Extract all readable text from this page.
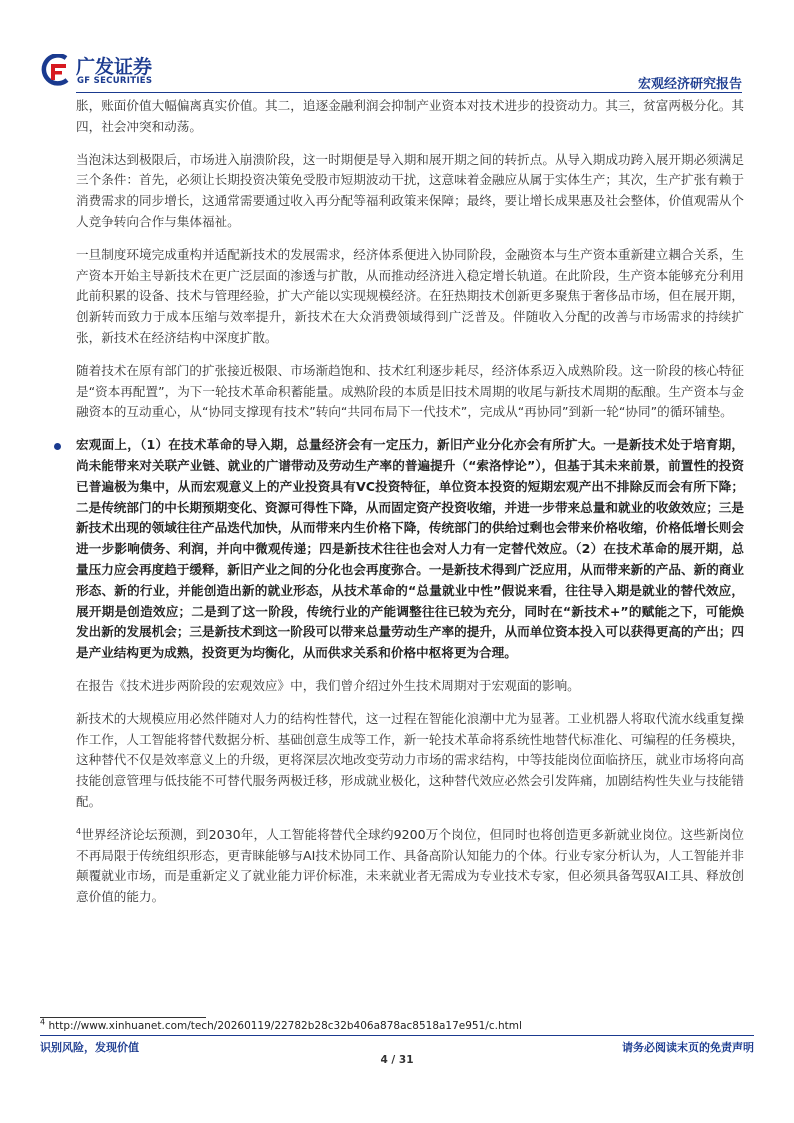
广发证券
GF SECURITIES	宏观经济研究报告

胀，账面价值大幅偏离真实价值。其二，追逐金融利润会抑制产业资本对技术进步的投资动力。其三，贫富两极分化。其四，社会冲突和动荡。

当泡沫达到极限后，市场进入崩溃阶段，这一时期便是导入期和展开期之间的转折点。从导入期成功跨入展开期必须满足三个条件：首先，必须让长期投资决策免受股市短期波动干扰，这意味着金融应从属于实体生产；其次，生产扩张有赖于消费需求的同步增长，这通常需要通过收入再分配等福利政策来保障；最终，要让增长成果惠及社会整体，价值观需从个人竞争转向合作与集体福祉。

一旦制度环境完成重构并适配新技术的发展需求，经济体系便进入协同阶段，金融资本与生产资本重新建立耦合关系，生产资本开始主导新技术在更广泛层面的渗透与扩散，从而推动经济进入稳定增长轨道。在此阶段，生产资本能够充分利用此前积累的设备、技术与管理经验，扩大产能以实现规模经济。在狂热期技术创新更多聚焦于奢侈品市场，但在展开期，创新转而致力于成本压缩与效率提升，新技术在大众消费领域得到广泛普及。伴随收入分配的改善与市场需求的持续扩张，新技术在经济结构中深度扩散。

随着技术在原有部门的扩张接近极限、市场渐趋饱和、技术红利逐步耗尽，经济体系迈入成熟阶段。这一阶段的核心特征是“资本再配置”，为下一轮技术革命积蓄能量。成熟阶段的本质是旧技术周期的收尾与新技术周期的酝酿。生产资本与金融资本的互动重心，从“协同支撑现有技术”转向“共同布局下一代技术”，完成从“再协同”到新一轮“协同”的循环铺垫。

宏观面上，（1）在技术革命的导入期，总量经济会有一定压力，新旧产业分化亦会有所扩大。一是新技术处于培育期，尚未能带来对关联产业链、就业的广谱带动及劳动生产率的普遍提升（“索洛悖论”），但基于其未来前景，前置性的投资已普遍极为集中，从而宏观意义上的产业投资具有VC投资特征，单位资本投资的短期宏观产出不排除反而会有所下降；二是传统部门的中长期预期变化、资源可得性下降，从而固定资产投资收缩，并进一步带来总量和就业的收敛效应；三是新技术出现的领域往往产品迭代加快，从而带来内生价格下降，传统部门的供给过剩也会带来价格收缩，价格低增长则会进一步影响债务、利润，并向中微观传递；四是新技术往往也会对人力有一定替代效应。（2）在技术革命的展开期，总量压力应会再度趋于缓释，新旧产业之间的分化也会再度弥合。一是新技术得到广泛应用，从而带来新的产品、新的商业形态、新的行业，并能创造出新的就业形态，从技术革命的“总量就业中性”假说来看，往往导入期是就业的替代效应，展开期是创造效应；二是到了这一阶段，传统行业的产能调整往往已较为充分，同时在“新技术+”的赋能之下，可能焕发出新的发展机会；三是新技术到这一阶段可以带来总量劳动生产率的提升，从而单位资本投入可以获得更高的产出；四是产业结构更为成熟，投资更为均衡化，从而供求关系和价格中枢将更为合理。

在报告《技术进步两阶段的宏观效应》中，我们曾介绍过外生技术周期对于宏观面的影响。

新技术的大规模应用必然伴随对人力的结构性替代，这一过程在智能化浪潮中尤为显著。工业机器人将取代流水线重复操作工作，人工智能将替代数据分析、基础创意生成等工作，新一轮技术革命将系统性地替代标准化、可编程的任务模块，这种替代不仅是效率意义上的升级，更将深层次地改变劳动力市场的需求结构，中等技能岗位面临挤压，就业市场将向高技能创意管理与低技能不可替代服务两极迁移，形成就业极化，这种替代效应必然会引发阵痛，加剧结构性失业与技能错配。

$^4$世界经济论坛预测，到2030年，人工智能将替代全球约9200万个岗位，但同时也将创造更多新就业岗位。这些新岗位不再局限于传统组织形态，更青睐能够与AI技术协同工作、具备高阶认知能力的个体。行业专家分析认为，人工智能并非颠覆就业市场，而是重新定义了就业能力评价标准，未来就业者无需成为专业技术专家，但必须具备驾驭AI工具、释放创意价值的能力。

$^4$ http://www.xinhuanet.com/tech/20260119/22782b28c32b406a878ac8518a17e951/c.html
识别风险，发现价值	请务必阅读末页的免责声明
4 / 31
